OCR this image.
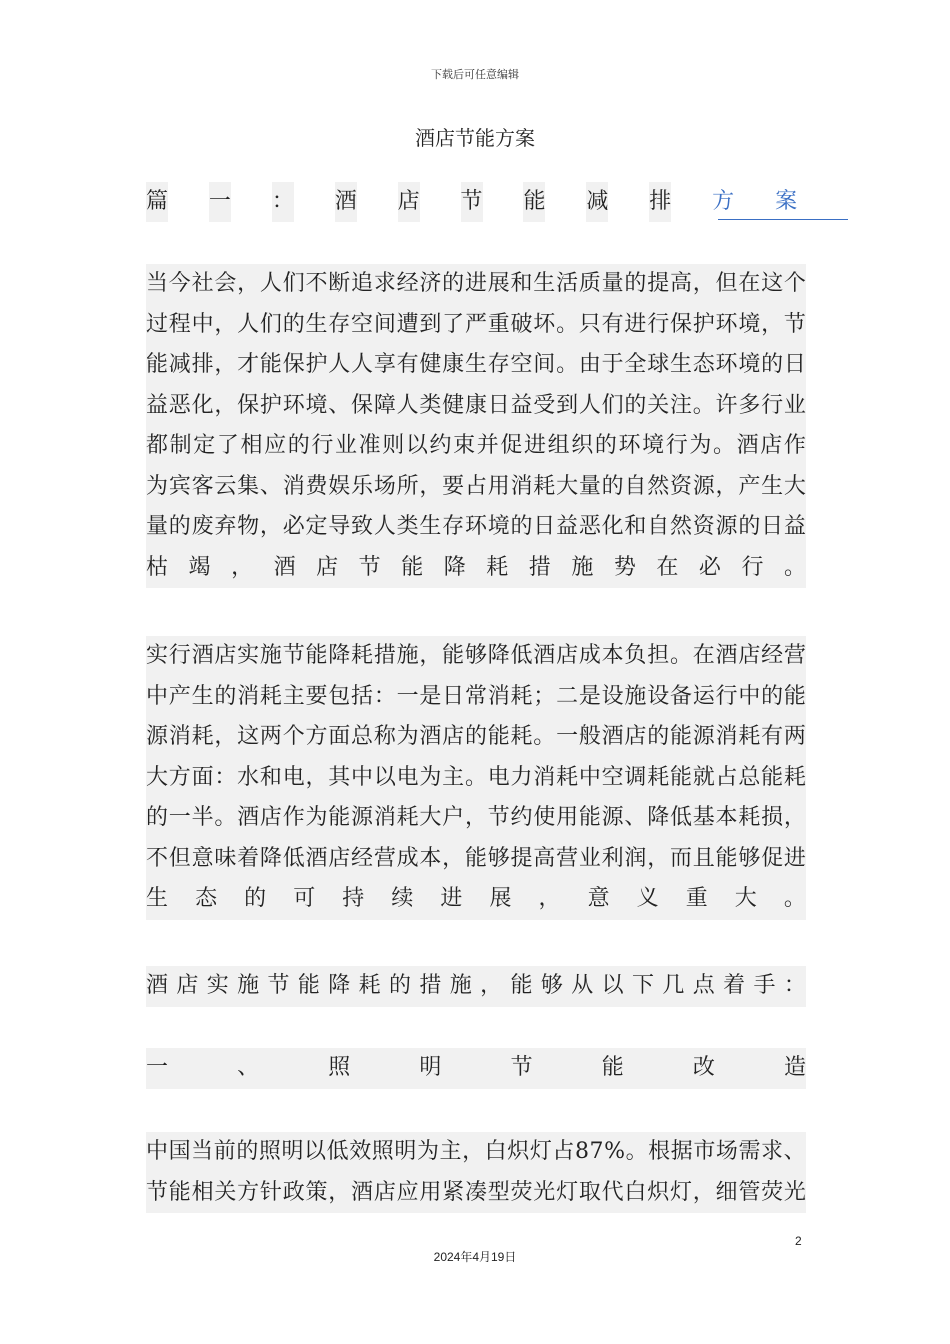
下载后可任意编辑
酒店节能方案
篇 一 ： 酒 店 节 能 减 排 方 案
当 今 社 会 ， 人 们 不 断 追 求 经 济 的 进 展 和 生 活 质 量 的 提 高 ， 但 在 这 个
过 程 中 ， 人 们 的 生 存 空 间 遭 到 了 严 重 破 坏 。 只 有 进 行 保 护 环 境 ， 节
能 减 排 ， 才 能 保 护 人 人 享 有 健 康 生 存 空 间 。 由 于 全 球 生 态 环 境 的 日
益 恶 化 ， 保 护 环 境 、 保 障 人 类 健 康 日 益 受 到 人 们 的 关 注 。 许 多 行 业
都 制 定 了 相 应 的 行 业 准 则 以 约 束 并 促 进 组 织 的 环 境 行 为 。 酒 店 作
为 宾 客 云 集 、 消 费 娱 乐 场 所 ， 要 占 用 消 耗 大 量 的 自 然 资 源 ， 产 生 大
量 的 废 弃 物 ， 必 定 导 致 人 类 生 存 环 境 的 日 益 恶 化 和 自 然 资 源 的 日 益
枯 竭 ， 酒 店 节 能 降 耗 措 施 势 在 必 行 。
实 行 酒 店 实 施 节 能 降 耗 措 施 ， 能 够 降 低 酒 店 成 本 负 担 。 在 酒 店 经 营
中 产 生 的 消 耗 主 要 包 括 ： 一 是 日 常 消 耗 ； 二 是 设 施 设 备 运 行 中 的 能
源 消 耗 ， 这 两 个 方 面 总 称 为 酒 店 的 能 耗 。 一 般 酒 店 的 能 源 消 耗 有 两
大 方 面 ： 水 和 电 ， 其 中 以 电 为 主 。 电 力 消 耗 中 空 调 耗 能 就 占 总 能 耗
的 一 半 。 酒 店 作 为 能 源 消 耗 大 户 ， 节 约 使 用 能 源 、 降 低 基 本 耗 损 ，
不 但 意 味 着 降 低 酒 店 经 营 成 本 ， 能 够 提 高 营 业 利 润 ， 而 且 能 够 促 进
生 态 的 可 持 续 进 展 ， 意 义 重 大 。
酒 店 实 施 节 能 降 耗 的 措 施 ， 能 够 从 以 下 几 点 着 手 ：
一	、	照	明	节	能	改	造
中 国 当 前 的 照 明 以 低 效 照 明 为 主 ， 白 炽 灯 占 8 7 % 。 根 据 市 场 需 求 、
节 能 相 关 方 针 政 策 ， 酒 店 应 用 紧 凑 型 荧 光 灯 取 代 白 炽 灯 ， 细 管 荧 光
2
2024年4月19日
